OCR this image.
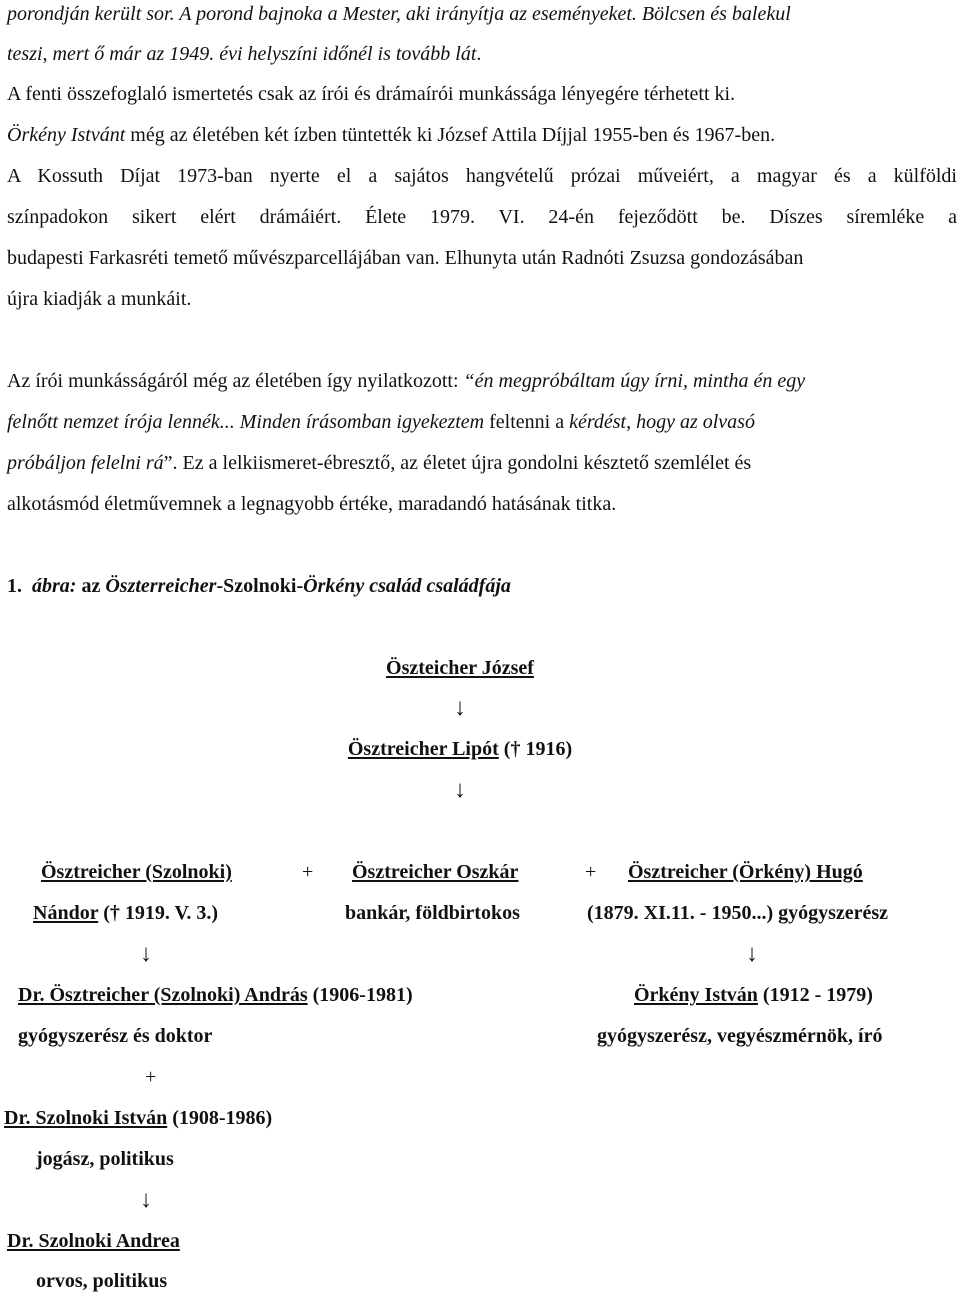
porondján került sor. A porond bajnoka a Mester, aki irányítja az eseményeket. Bölcsen és balekul
teszi, mert ő már az 1949. évi helyszíni időnél is tovább lát.
A fenti összefoglaló ismertetés csak az írói és drámaírói munkássága lényegére térhetett ki.
Örkény Istvánt még az életében két ízben tüntették ki József Attila Díjjal 1955-ben és 1967-ben.
A Kossuth Díjat 1973-ban nyerte el a sajátos hangvételű prózai műveiért, a magyar és a külföldi
színpadokon sikert elért drámáiért. Élete 1979. VI. 24-én fejeződött be. Díszes síremléke a
budapesti Farkasréti temető művészparcellájában van. Elhunyta után Radnóti Zsuzsa gondozásában
újra kiadják a munkáit.
Az írói munkásságáról még az életében így nyilatkozott: “én megpróbáltam úgy írni, mintha én egy
felnőtt nemzet írója lennék... Minden írásomban igyekeztem feltenni a kérdést, hogy az olvasó
próbáljon felelni rá”. Ez a lelkiismeret-ébresztő, az életet újra gondolni késztető szemlélet és
alkotásmód életművemnek a legnagyobb értéke, maradandó hatásának titka.
1. ábra: az Öszterreicher-Szolnoki-Örkény család családfája
Öszteicher József
↓
Ösztreicher Lipót († 1916)
↓
Ösztreicher (Szolnoki)	+ Ösztreicher Oszkár	+ Ösztreicher (Örkény) Hugó
Nándor († 1919. V. 3.)	bankár, földbirtokos	(1879. XI.11. - 1950...) gyógyszerész
↓	↓
Dr. Ösztreicher (Szolnoki) András (1906-1981)	Örkény István (1912 - 1979)
gyógyszerész és doktor	gyógyszerész, vegyészmérnök, író
+
Dr. Szolnoki István (1908-1986)
jogász, politikus
↓
Dr. Szolnoki Andrea
orvos, politikus
